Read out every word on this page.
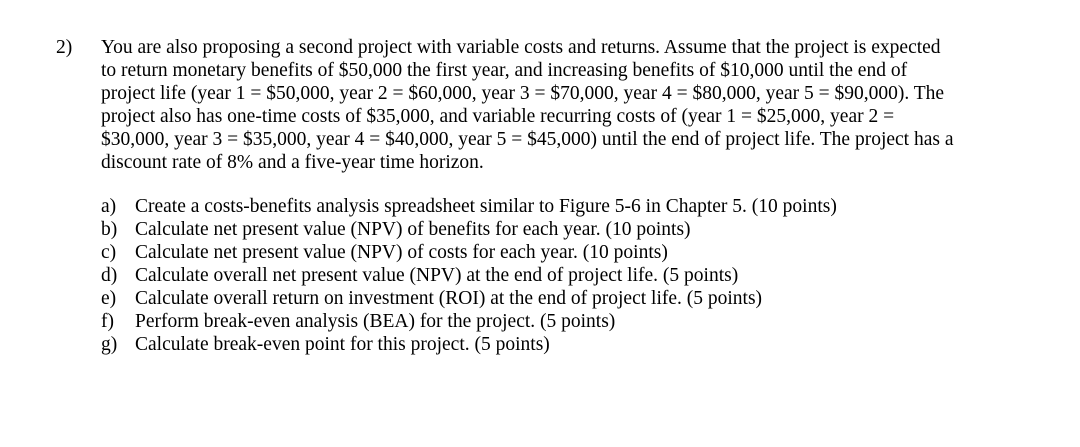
2) You are also proposing a second project with variable costs and returns. Assume that the project is expected to return monetary benefits of $50,000 the first year, and increasing benefits of $10,000 until the end of project life (year 1 = $50,000, year 2 = $60,000, year 3 = $70,000, year 4 = $80,000, year 5 = $90,000). The project also has one-time costs of $35,000, and variable recurring costs of (year 1 = $25,000, year 2 = $30,000, year 3 = $35,000, year 4 = $40,000, year 5 = $45,000) until the end of project life. The project has a discount rate of 8% and a five-year time horizon.
a) Create a costs-benefits analysis spreadsheet similar to Figure 5-6 in Chapter 5. (10 points)
b) Calculate net present value (NPV) of benefits for each year. (10 points)
c) Calculate net present value (NPV) of costs for each year. (10 points)
d) Calculate overall net present value (NPV) at the end of project life. (5 points)
e) Calculate overall return on investment (ROI) at the end of project life. (5 points)
f) Perform break-even analysis (BEA) for the project. (5 points)
g) Calculate break-even point for this project. (5 points)
